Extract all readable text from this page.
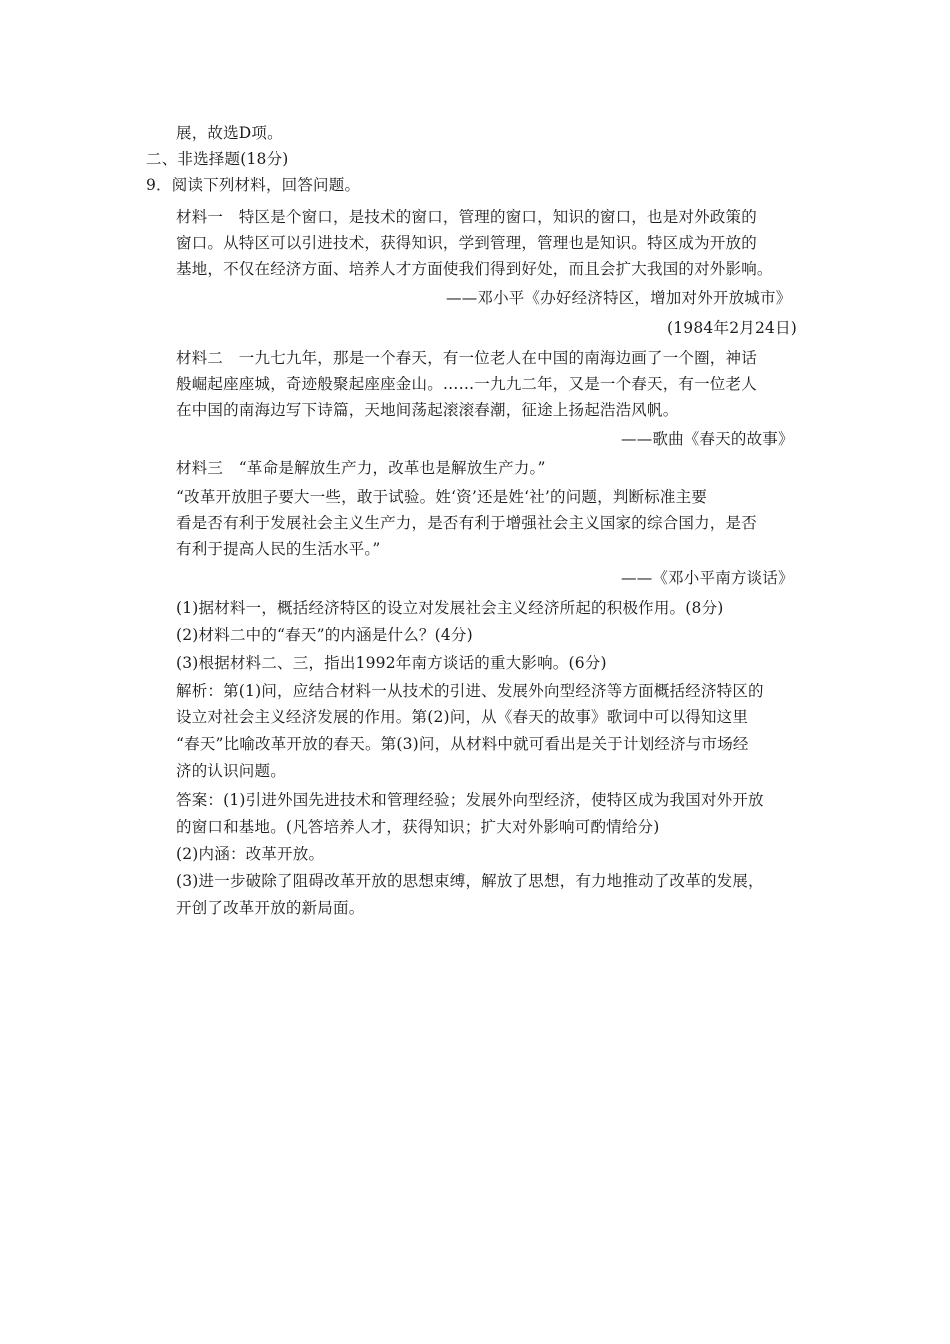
展，故选D项。
二、非选择题(18分)
9．阅读下列材料，回答问题。
材料一　特区是个窗口，是技术的窗口，管理的窗口，知识的窗口，也是对外政策的
窗口。从特区可以引进技术，获得知识，学到管理，管理也是知识。特区成为开放的
基地，不仅在经济方面、培养人才方面使我们得到好处，而且会扩大我国的对外影响。
——邓小平《办好经济特区，增加对外开放城市》
(1984年2月24日)
材料二　一九七九年，那是一个春天，有一位老人在中国的南海边画了一个圈，神话
般崛起座座城，奇迹般聚起座座金山。……一九九二年，又是一个春天，有一位老人
在中国的南海边写下诗篇，天地间荡起滚滚春潮，征途上扬起浩浩风帆。
——歌曲《春天的故事》
材料三　“革命是解放生产力，改革也是解放生产力。”
“改革开放胆子要大一些，敢于试验。姓‘资’还是姓‘社’的问题，判断标准主要
看是否有利于发展社会主义生产力，是否有利于增强社会主义国家的综合国力，是否
有利于提高人民的生活水平。”
——《邓小平南方谈话》
(1)据材料一，概括经济特区的设立对发展社会主义经济所起的积极作用。(8分)
(2)材料二中的“春天”的内涵是什么？(4分)
(3)根据材料二、三，指出1992年南方谈话的重大影响。(6分)
解析：第(1)问，应结合材料一从技术的引进、发展外向型经济等方面概括经济特区的
设立对社会主义经济发展的作用。第(2)问，从《春天的故事》歌词中可以得知这里
“春天”比喻改革开放的春天。第(3)问，从材料中就可看出是关于计划经济与市场经
济的认识问题。
答案：(1)引进外国先进技术和管理经验；发展外向型经济，使特区成为我国对外开放
的窗口和基地。(凡答培养人才，获得知识；扩大对外影响可酌情给分)
(2)内涵：改革开放。
(3)进一步破除了阻碍改革开放的思想束缚，解放了思想，有力地推动了改革的发展，
开创了改革开放的新局面。
